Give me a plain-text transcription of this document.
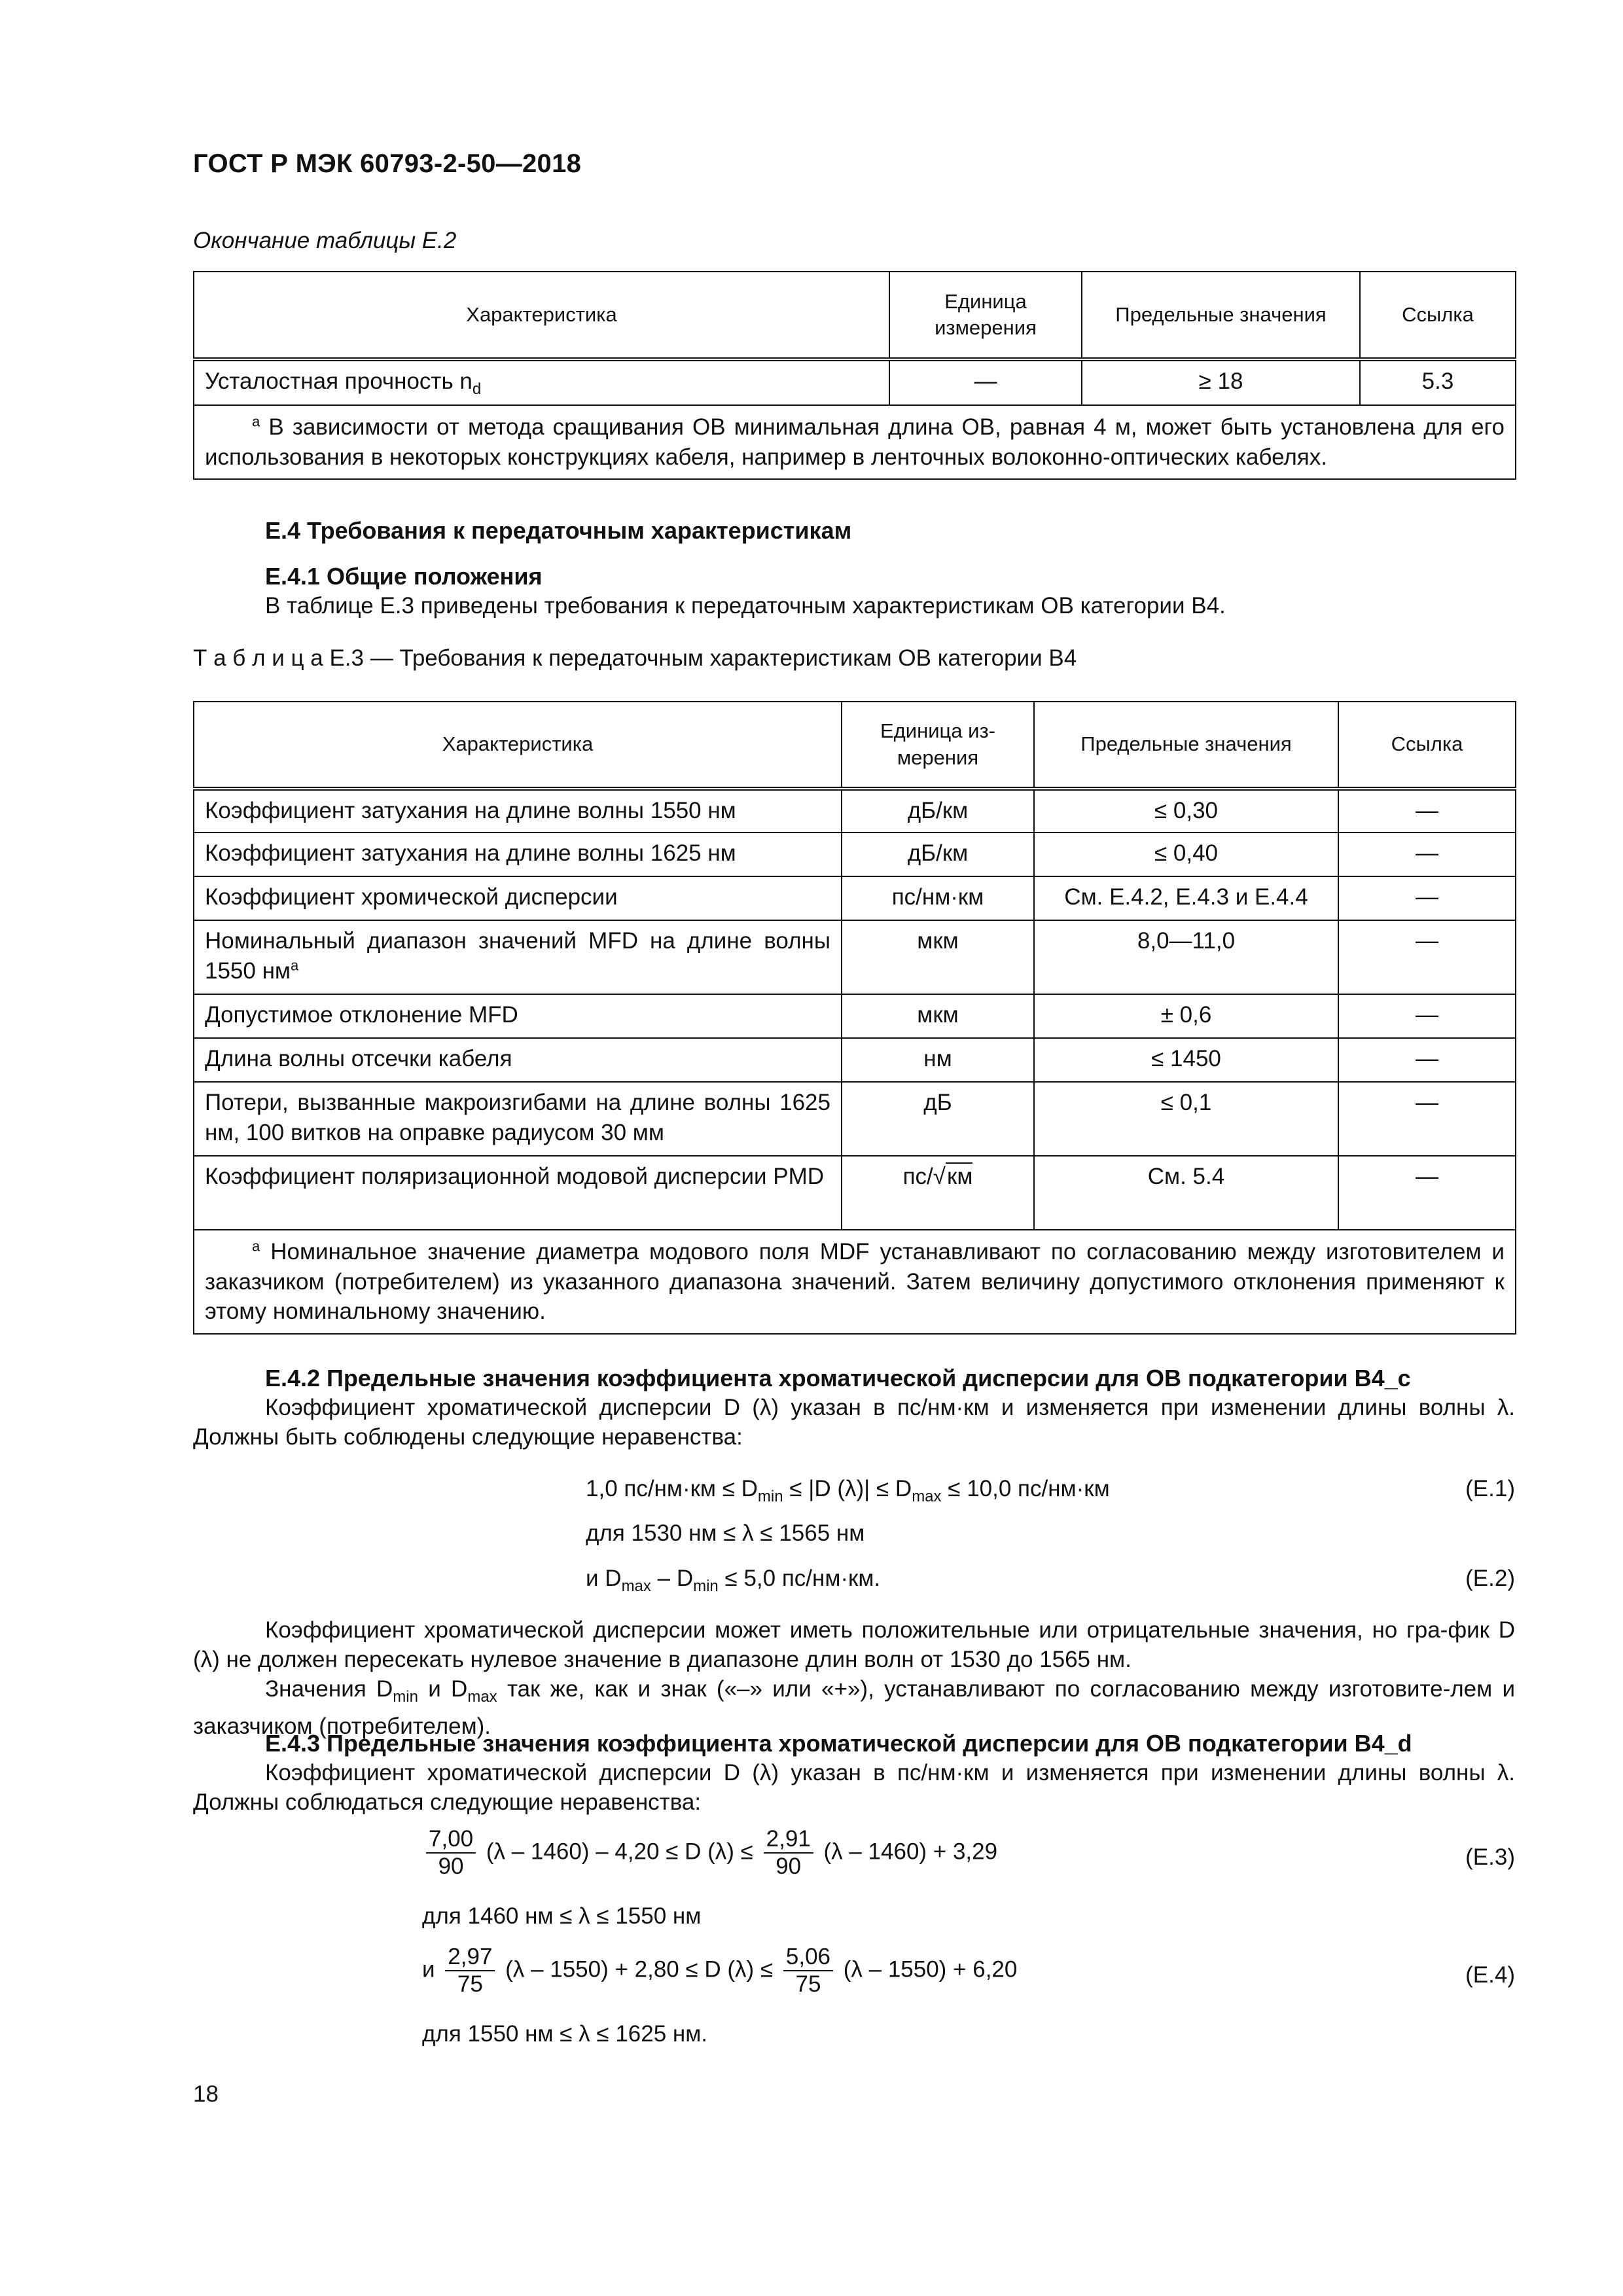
ГОСТ Р МЭК 60793-2-50—2018
Окончание таблицы Е.2
Характеристика	Единица измерения	Предельные значения	Ссылка
Усталостная прочность $n_d$	—	≥ 18	5.3
$^a$ В зависимости от метода сращивания ОВ минимальная длина ОВ, равная 4 м, может быть установлена для его использования в некоторых конструкциях кабеля, например в ленточных волоконно-оптических кабелях.			
Е.4 Требования к передаточным характеристикам
Е.4.1 Общие положения
В таблице Е.3 приведены требования к передаточным характеристикам ОВ категории В4.
Т а б л и ц а Е.3 — Требования к передаточным характеристикам ОВ категории В4
Характеристика	Единица из-мерения	Предельные значения	Ссылка
Коэффициент затухания на длине волны 1550 нм	дБ/км	≤ 0,30	—
Коэффициент затухания на длине волны 1625 нм	дБ/км	≤ 0,40	—
Коэффициент хромической дисперсии	пс/нм·км	См. Е.4.2, Е.4.3 и Е.4.4	—
Номинальный диапазон значений MFD на длине волны 1550 $нм^a$	мкм	8,0—11,0	—
Допустимое отклонение MFD	мкм	± 0,6	—
Длина волны отсечки кабеля	нм	≤ 1450	—
Потери, вызванные макроизгибами на длине волны 1625 нм, 100 витков на оправке радиусом 30 мм	дБ	≤ 0,1	—
Коэффициент поляризационной модовой дисперсии PMD	пс/√км	См. 5.4	—
$^a$ Номинальное значение диаметра модового поля MDF устанавливают по согласованию между изготовителем и заказчиком (потребителем) из указанного диапазона значений. Затем величину допустимого отклонения применяют к этому номинальному значению.			
Е.4.2 Предельные значения коэффициента хроматической дисперсии для ОВ подкатегории В4_с
Коэффициент хроматической дисперсии D (λ) указан в пс/нм·км и изменяется при изменении длины волны λ. Должны быть соблюдены следующие неравенства:
1,0 $пс/нм\cdot км \le D_{min} \le |D$ $(\lambda)| \le D_{max} \le 10,0$ пс/нм·км	(Е.1)
для 1530 нм ≤ λ ≤ 1565 нм
и $D_{max} - D_{min} \le 5,0$ пс/нм·км.	(Е.2)
Коэффициент хроматической дисперсии может иметь положительные или отрицательные значения, но гра-фик D (λ) не должен пересекать нулевое значение в диапазоне длин волн от 1530 до 1565 нм.
Значения $D_{min}$ и $D_{max}$ так же, как и знак («–» или «+»), устанавливают по согласованию между изготовите-лем и заказчиком (потребителем).
Е.4.3 Предельные значения коэффициента хроматической дисперсии для ОВ подкатегории В4_d
Коэффициент хроматической дисперсии D (λ) указан в пс/нм·км и изменяется при изменении длины волны λ. Должны соблюдаться следующие неравенства:
$\frac{7,00}{90} (\lambda - 1460) - 4,20 \le D$ $(\lambda) \le \frac{2,91}{90} (\lambda - 1460) + 3,29$	(Е.3)
для 1460 нм ≤ λ ≤ 1550 нм
и $\frac{2,97}{75} (\lambda - 1550) + 2,80 \le D$ $(\lambda) \le \frac{5,06}{75} (\lambda - 1550) + 6,20$	(Е.4)
для 1550 нм ≤ λ ≤ 1625 нм.
18
